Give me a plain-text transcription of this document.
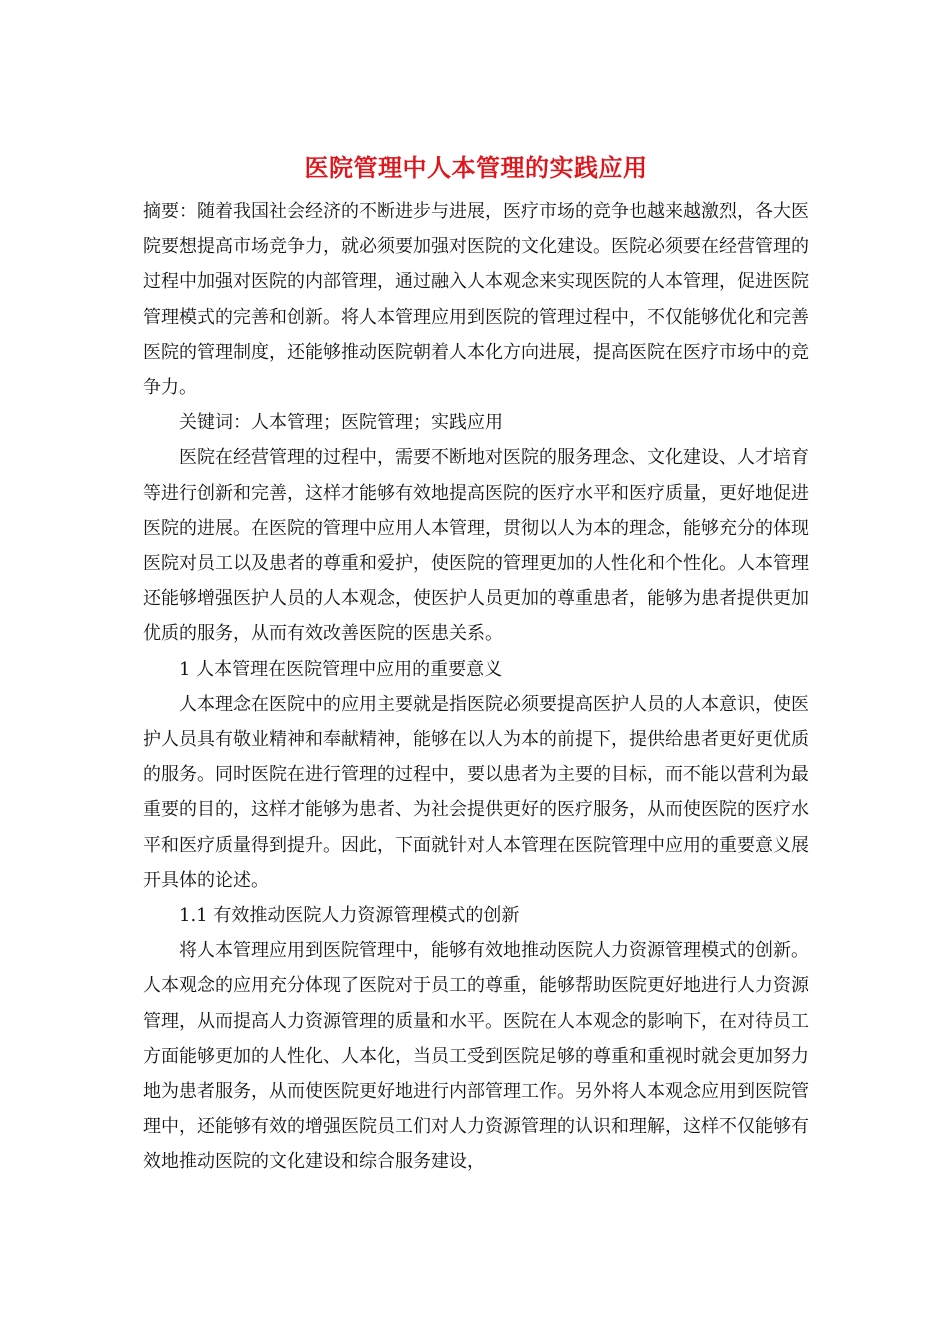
医院管理中人本管理的实践应用

摘要：随着我国社会经济的不断进步与进展，医疗市场的竞争也越来越激烈，各大医院要想提高市场竞争力，就必须要加强对医院的文化建设。医院必须要在经营管理的过程中加强对医院的内部管理，通过融入人本观念来实现医院的人本管理，促进医院管理模式的完善和创新。将人本管理应用到医院的管理过程中，不仅能够优化和完善医院的管理制度，还能够推动医院朝着人本化方向进展，提高医院在医疗市场中的竞争力。

关键词：人本管理；医院管理；实践应用

医院在经营管理的过程中，需要不断地对医院的服务理念、文化建设、人才培育等进行创新和完善，这样才能够有效地提高医院的医疗水平和医疗质量，更好地促进医院的进展。在医院的管理中应用人本管理，贯彻以人为本的理念，能够充分的体现医院对员工以及患者的尊重和爱护，使医院的管理更加的人性化和个性化。人本管理还能够增强医护人员的人本观念，使医护人员更加的尊重患者，能够为患者提供更加优质的服务，从而有效改善医院的医患关系。

1 人本管理在医院管理中应用的重要意义

人本理念在医院中的应用主要就是指医院必须要提高医护人员的人本意识，使医护人员具有敬业精神和奉献精神，能够在以人为本的前提下，提供给患者更好更优质的服务。同时医院在进行管理的过程中，要以患者为主要的目标，而不能以营利为最重要的目的，这样才能够为患者、为社会提供更好的医疗服务，从而使医院的医疗水平和医疗质量得到提升。因此，下面就针对人本管理在医院管理中应用的重要意义展开具体的论述。

1.1 有效推动医院人力资源管理模式的创新

将人本管理应用到医院管理中，能够有效地推动医院人力资源管理模式的创新。人本观念的应用充分体现了医院对于员工的尊重，能够帮助医院更好地进行人力资源管理，从而提高人力资源管理的质量和水平。医院在人本观念的影响下，在对待员工方面能够更加的人性化、人本化，当员工受到医院足够的尊重和重视时就会更加努力地为患者服务，从而使医院更好地进行内部管理工作。另外将人本观念应用到医院管理中，还能够有效的增强医院员工们对人力资源管理的认识和理解，这样不仅能够有效地推动医院的文化建设和综合服务建设，
